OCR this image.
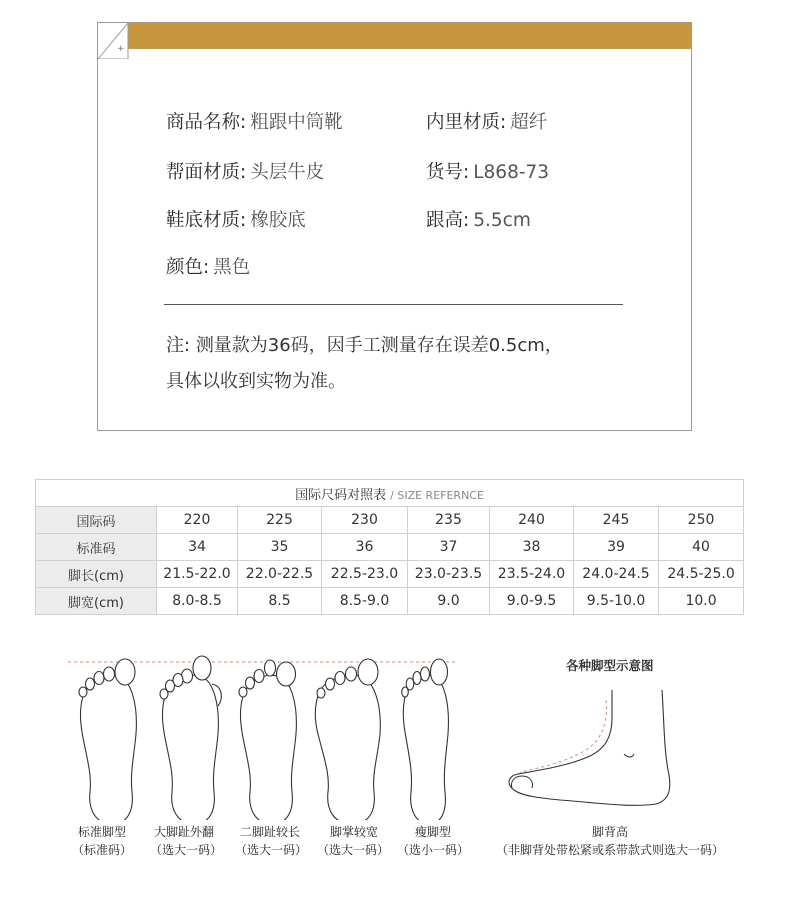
+
商品名称: 粗跟中筒靴	内里材质: 超纤
帮面材质: 头层牛皮	货号: L868-73
鞋底材质: 橡胶底	跟高: 5.5cm
颜色: 黑色
注: 测量款为36码，因手工测量存在误差0.5cm，
具体以收到实物为准。
国际尺码对照表 / SIZE REFERNCE							
国际码	220	225	230	235	240	245	250
标准码	34	35	36	37	38	39	40
脚长(cm)	21.5-22.0	22.0-22.5	22.5-23.0	23.0-23.5	23.5-24.0	24.0-24.5	24.5-25.0
脚宽(cm)	8.0-8.5	8.5	8.5-9.0	9.0	9.0-9.5	9.5-10.0	10.0
标准脚型
（标准码）
大脚趾外翻
（选大一码）
二脚趾较长
（选大一码）
脚掌较宽
（选大一码）
瘦脚型
（选小一码）
各种脚型示意图
脚背高
（非脚背处带松紧或系带款式则选大一码）
